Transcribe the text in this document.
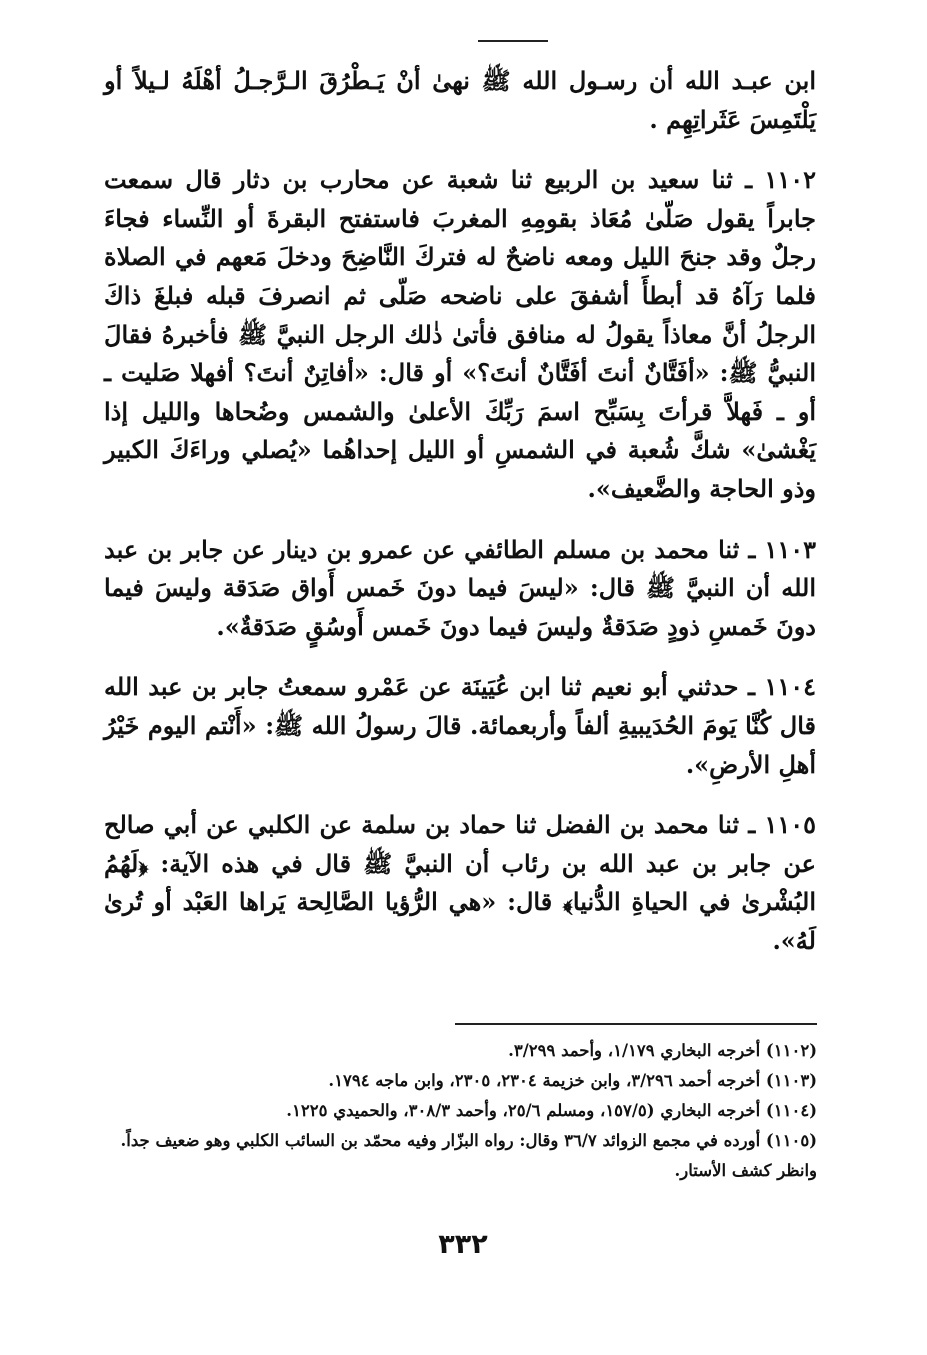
ابن عبـد الله أن رسـول الله ﷺ نهىٰ أنْ يَـطْرُقَ الـرَّجـلُ أهْلَهُ لـيلاً أو يَلْتَمِسَ عَثَراتِهِم .

١١٠٢ ـ ثنا سعيد بن الربيع ثنا شعبة عن محارب بن دثار قال سمعت جابراً يقول صَلّىٰ مُعَاذ بقومِهِ المغربَ فاستفتح البقرةَ أو النِّساء فجاءَ رجلٌ وقد جنحَ الليل ومعه ناضحٌ له فتركَ النَّاضِحَ ودخلَ مَعهم في الصلاة فلما رَآهُ قد أبطأَ أشفقَ على ناضحه صَلّى ثم انصرفَ قبله فبلغَ ذاكَ الرجلُ أنَّ معاذاً يقولُ له منافق فأتىٰ ذٰلك الرجل النبيَّ ﷺ فأخبرهُ فقالَ النبيُّ ﷺ: «أفَتَّانٌ أنتَ أفَتَّانٌ أنتَ؟» أو قال: «أفاتِنٌ أنتَ؟ أفهلا صَليت ـ أو ـ فَهلاَّ قرأتَ بِسَبِّح اسمَ رَبِّكَ الأعلىٰ والشمس وضُحاها والليل إذا يَغْشىٰ» شكَّ شُعبة في الشمسِ أو الليل إحداهُما «يُصلي وراءَكَ الكبير وذو الحاجة والضَّعيف».

١١٠٣ ـ ثنا محمد بن مسلم الطائفي عن عمرو بن دينار عن جابر بن عبد الله أن النبيَّ ﷺ قال: «ليسَ فيما دونَ خَمس أَواق صَدَقة وليسَ فيما دونَ خَمسِ ذودٍ صَدَقةٌ وليسَ فيما دونَ خَمس أَوسُقٍ صَدَقةٌ».

١١٠٤ ـ حدثني أبو نعيم ثنا ابن عُيَينَة عن عَمْرو سمعتُ جابر بن عبد الله قال كُنَّا يَومَ الحُدَيبيةِ ألفاً وأربعمائة. قالَ رسولُ الله ﷺ: «أَنْتم اليوم خَيْرُ أهلِ الأرضِ».

١١٠٥ ـ ثنا محمد بن الفضل ثنا حماد بن سلمة عن الكلبي عن أبي صالح عن جابر بن عبد الله بن رئاب أن النبيَّ ﷺ قال في هذه الآية: ﴿لَهُمُ البُشْرىٰ في الحياةِ الدُّنيا﴾ قال: «هي الرُّؤيا الصَّالِحة يَراها العَبْد أو تُرىٰ لَهُ».

(١١٠٢) أخرجه البخاري ١/١٧٩، وأحمد ٣/٢٩٩.

(١١٠٣) أخرجه أحمد ٣/٢٩٦، وابن خزيمة ٢٣٠٤، ٢٣٠٥، وابن ماجه ١٧٩٤.

(١١٠٤) أخرجه البخاري (١٥٧/٥، ومسلم ٢٥/٦، وأحمد ٣٠٨/٣، والحميدي ١٢٢٥.

(١١٠٥) أورده في مجمع الزوائد ٣٦/٧ وقال: رواه البزّار وفيه محمّد بن السائب الكلبي وهو ضعيف جداً. وانظر كشف الأستار.

٣٣٢
